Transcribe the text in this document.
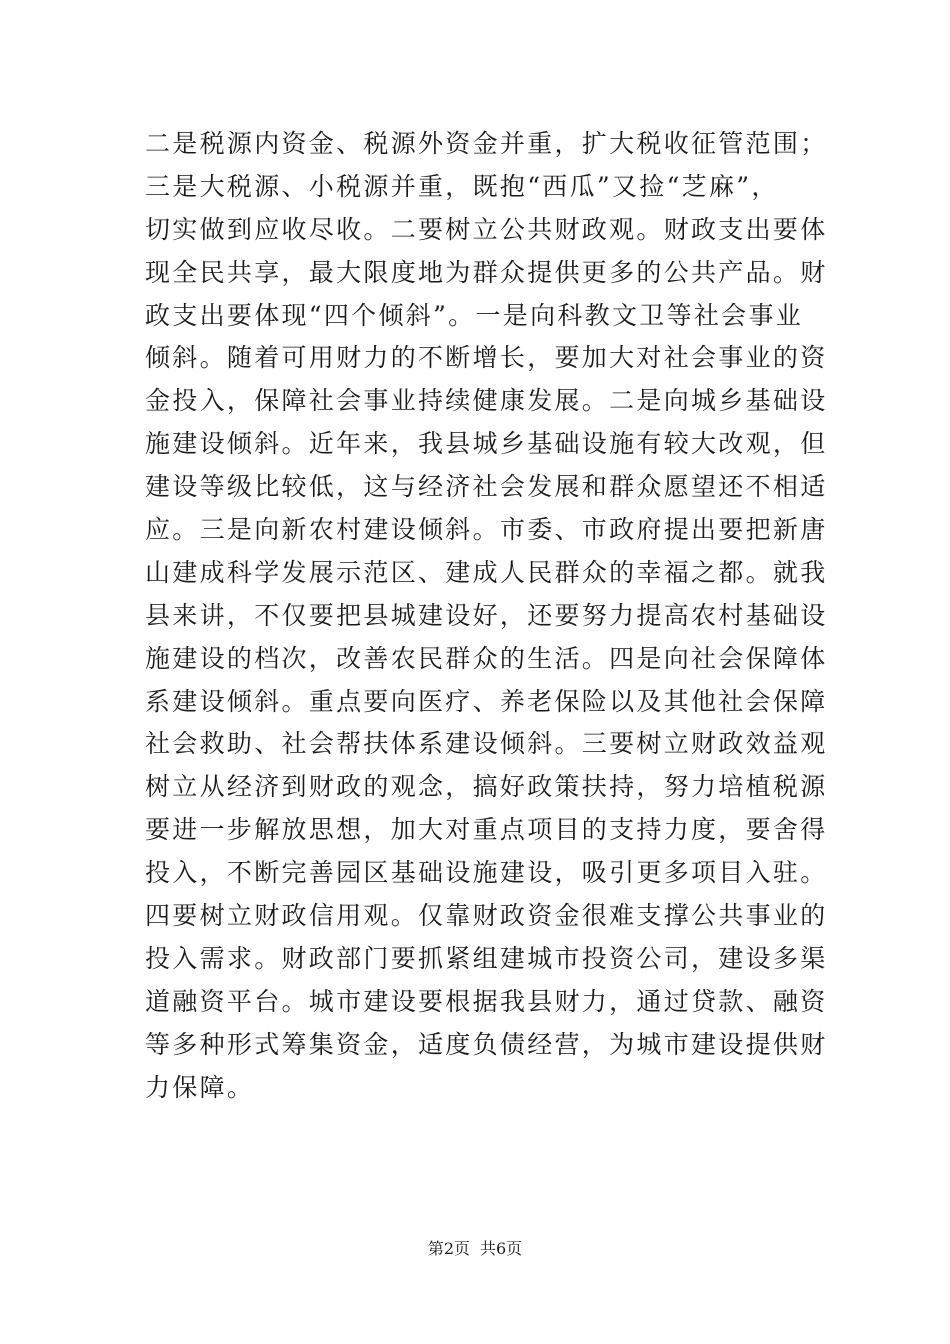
二是税源内资金、税源外资金并重，扩大税收征管范围；
三是大税源、小税源并重，既抱“西瓜”又捡“芝麻”，
切实做到应收尽收。二要树立公共财政观。财政支出要体
现全民共享，最大限度地为群众提供更多的公共产品。财
政支出要体现“四个倾斜”。一是向科教文卫等社会事业
倾斜。随着可用财力的不断增长，要加大对社会事业的资
金投入，保障社会事业持续健康发展。二是向城乡基础设
施建设倾斜。近年来，我县城乡基础设施有较大改观，但
建设等级比较低，这与经济社会发展和群众愿望还不相适
应。三是向新农村建设倾斜。市委、市政府提出要把新唐
山建成科学发展示范区、建成人民群众的幸福之都。就我
县来讲，不仅要把县城建设好，还要努力提高农村基础设
施建设的档次，改善农民群众的生活。四是向社会保障体
系建设倾斜。重点要向医疗、养老保险以及其他社会保障
社会救助、社会帮扶体系建设倾斜。三要树立财政效益观
树立从经济到财政的观念，搞好政策扶持，努力培植税源
要进一步解放思想，加大对重点项目的支持力度，要舍得
投入，不断完善园区基础设施建设，吸引更多项目入驻。
四要树立财政信用观。仅靠财政资金很难支撑公共事业的
投入需求。财政部门要抓紧组建城市投资公司，建设多渠
道融资平台。城市建设要根据我县财力，通过贷款、融资
等多种形式筹集资金，适度负债经营，为城市建设提供财
力保障。
第2页 共6页
